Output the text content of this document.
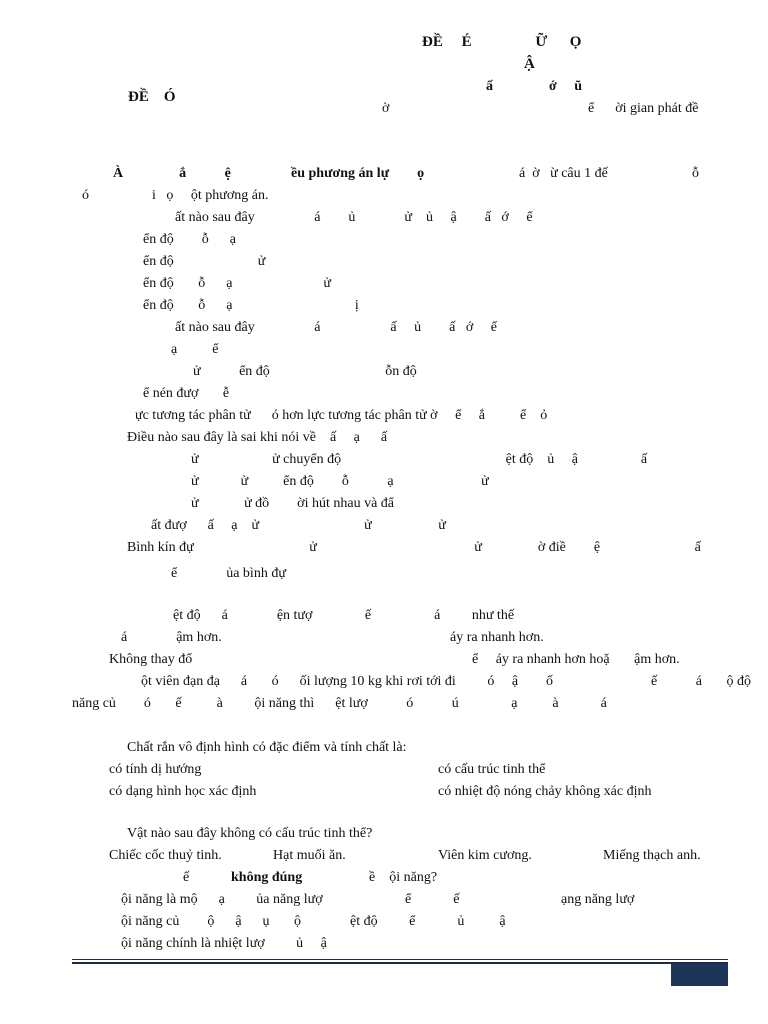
ĐỀ     É                 Ữ      Ọ
Ậ
ĐỀ    Ó
ấ                ớ     ũ
ờ	ể      ời gian phát đề
À                ắ           ệ	ều phương án lự        ọ	á  ờ   ừ câu 1 đế	ỗ
ó                  i   ọ     ột phương án.
ất nào sau đây                 á        ủ              ử    ủ     ậ        ấ   ớ     ể
ển độ        ỗ      ạ
ển độ                        ử
ển độ       ỗ      ạ                          ử
ển độ       ỗ      ạ                                   ị
ất nào sau đây                 á                    ấ     ủ        ấ   ớ     ể
ạ          ể
ử           ển độ                                 ỗn độ
ể nén đượ       ễ
ực tương tác phân tử      ó hơn lực tương tác phân tử ờ     ể     ắ          ể    ỏ
Điều nào sau đây là sai khi nói về    ấ     ạ      ấ
ử                     ử chuyển độ                                               ệt độ    ủ     ậ                  ấ
ử            ử          ển độ        ỗ           ạ                         ử
ử             ử đồ        ời hút nhau và đẩ
ất đượ      ấ     ạ    ử                              ử                   ử
Bình kín đự                                 ử                                             ử                ờ điề        ệ                           ấ
ể              ủa bình đự
ệt độ      á              ện tượ               ế                  á         như thế
á              ậm hơn.	áy ra nhanh hơn.
Không thay đổ	ể     áy ra nhanh hơn hoặ       ậm hơn.
ột viên đạn đạ      á       ó      ối lượng 10 kg khi rơi tới đi         ó     ậ        ố                            ế           á       ộ độ
năng củ        ó       ế          à         ội năng thì      ệt lượ           ó           ú               ạ          à            á
Chất rắn vô định hình có đặc điểm và tính chất là:
có tính dị hướng	có cấu trúc tinh thể
có dạng hình học xác định	có nhiệt độ nóng chảy không xác định
Vật nào sau đây không có cấu trúc tinh thể?
Chiếc cốc thuỷ tinh.	Hạt muối ăn.	Viên kim cương.	Miếng thạch anh.
ế	ề    ội năng?
ội năng là mộ      ạ         ủa năng lượ	ể            ế	ạng năng lượ
ội năng củ        ộ      ậ      ụ       ộ              ệt độ         ể            ủ          ậ
ội năng chính là nhiệt lượ         ủ     ậ
không đúng
